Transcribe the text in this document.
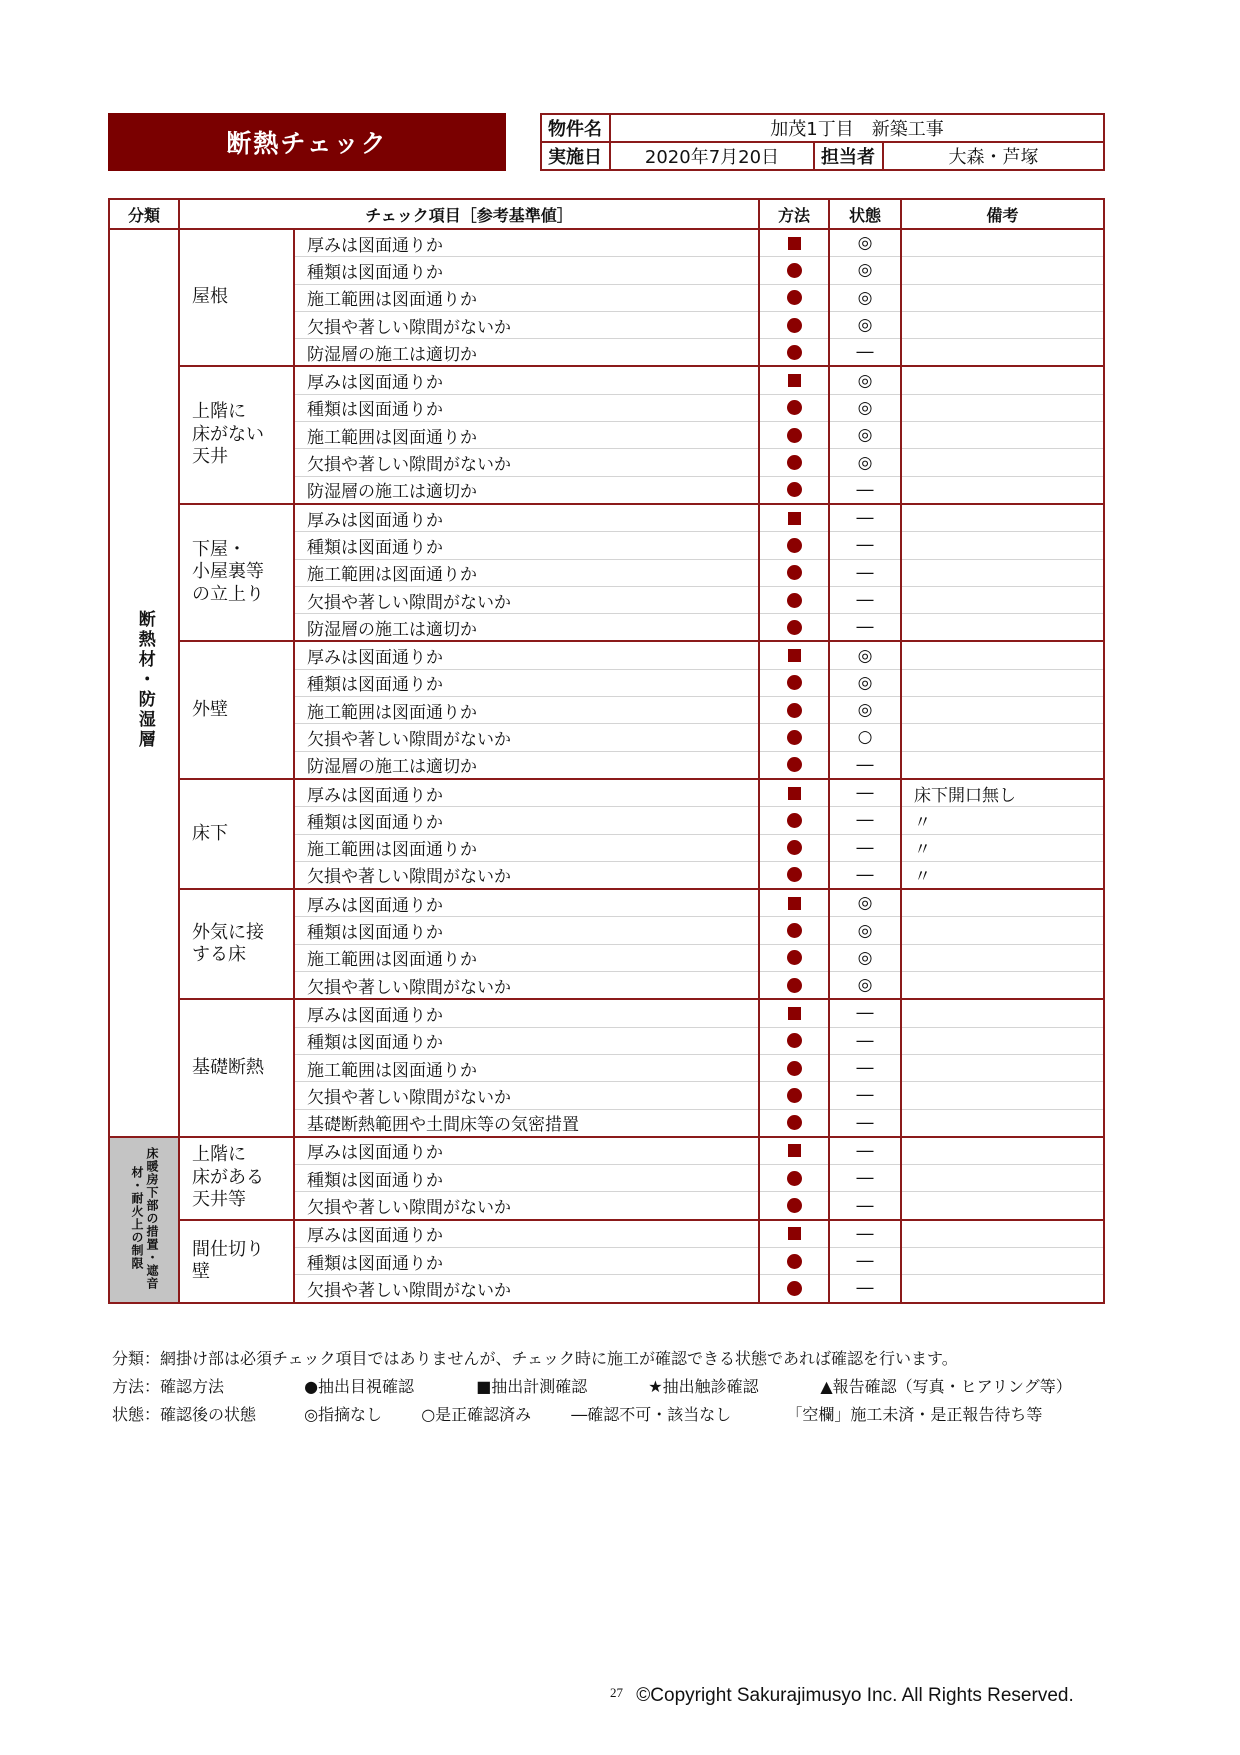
断熱チェック	物件名	加茂1丁目　新築工事		
実施日	2020年7月20日	担当者	大森・芦塚
分類	チェック項目［参考基準値］		方法	状態	備考
断熱材・防湿層	屋根	厚みは図面通りか		◎	
		種類は図面通りか		◎	
		施工範囲は図面通りか		◎	
		欠損や著しい隙間がないか		◎	
		防湿層の施工は適切か		―	
	上階に
床がない
天井	厚みは図面通りか		◎	
		種類は図面通りか		◎	
		施工範囲は図面通りか		◎	
		欠損や著しい隙間がないか		◎	
		防湿層の施工は適切か		―	
	下屋・
小屋裏等
の立上り	厚みは図面通りか		―	
		種類は図面通りか		―	
		施工範囲は図面通りか		―	
		欠損や著しい隙間がないか		―	
		防湿層の施工は適切か		―	
	外壁	厚みは図面通りか		◎	
		種類は図面通りか		◎	
		施工範囲は図面通りか		◎	
		欠損や著しい隙間がないか		○	
		防湿層の施工は適切か		―	
	床下	厚みは図面通りか		―	床下開口無し
		種類は図面通りか		―	〃
		施工範囲は図面通りか		―	〃
		欠損や著しい隙間がないか		―	〃
	外気に接
する床	厚みは図面通りか		◎	
		種類は図面通りか		◎	
		施工範囲は図面通りか		◎	
		欠損や著しい隙間がないか		◎	
	基礎断熱	厚みは図面通りか		―	
		種類は図面通りか		―	
		施工範囲は図面通りか		―	
		欠損や著しい隙間がないか		―	
		基礎断熱範囲や土間床等の気密措置		―	
床暖房下部の措置・遮音材・耐火上の制限	上階に
床がある
天井等	厚みは図面通りか		―	
		種類は図面通りか		―	
		欠損や著しい隙間がないか		―	
	間仕切り
壁	厚みは図面通りか		―	
		種類は図面通りか		―	
		欠損や著しい隙間がないか		―	
分類：網掛け部は必須チェック項目ではありませんが、チェック時に施工が確認できる状態であれば確認を行います。
方法：確認方法	●抽出目視確認	■抽出計測確認	★抽出触診確認	▲報告確認（写真・ヒアリング等）
状態：確認後の状態	◎指摘なし ○是正確認済み	―確認不可・該当なし	「空欄」施工未済・是正報告待ち等
$^{27}$ ©Copyright Sakurajimusyo Inc. All Rights Reserved.
